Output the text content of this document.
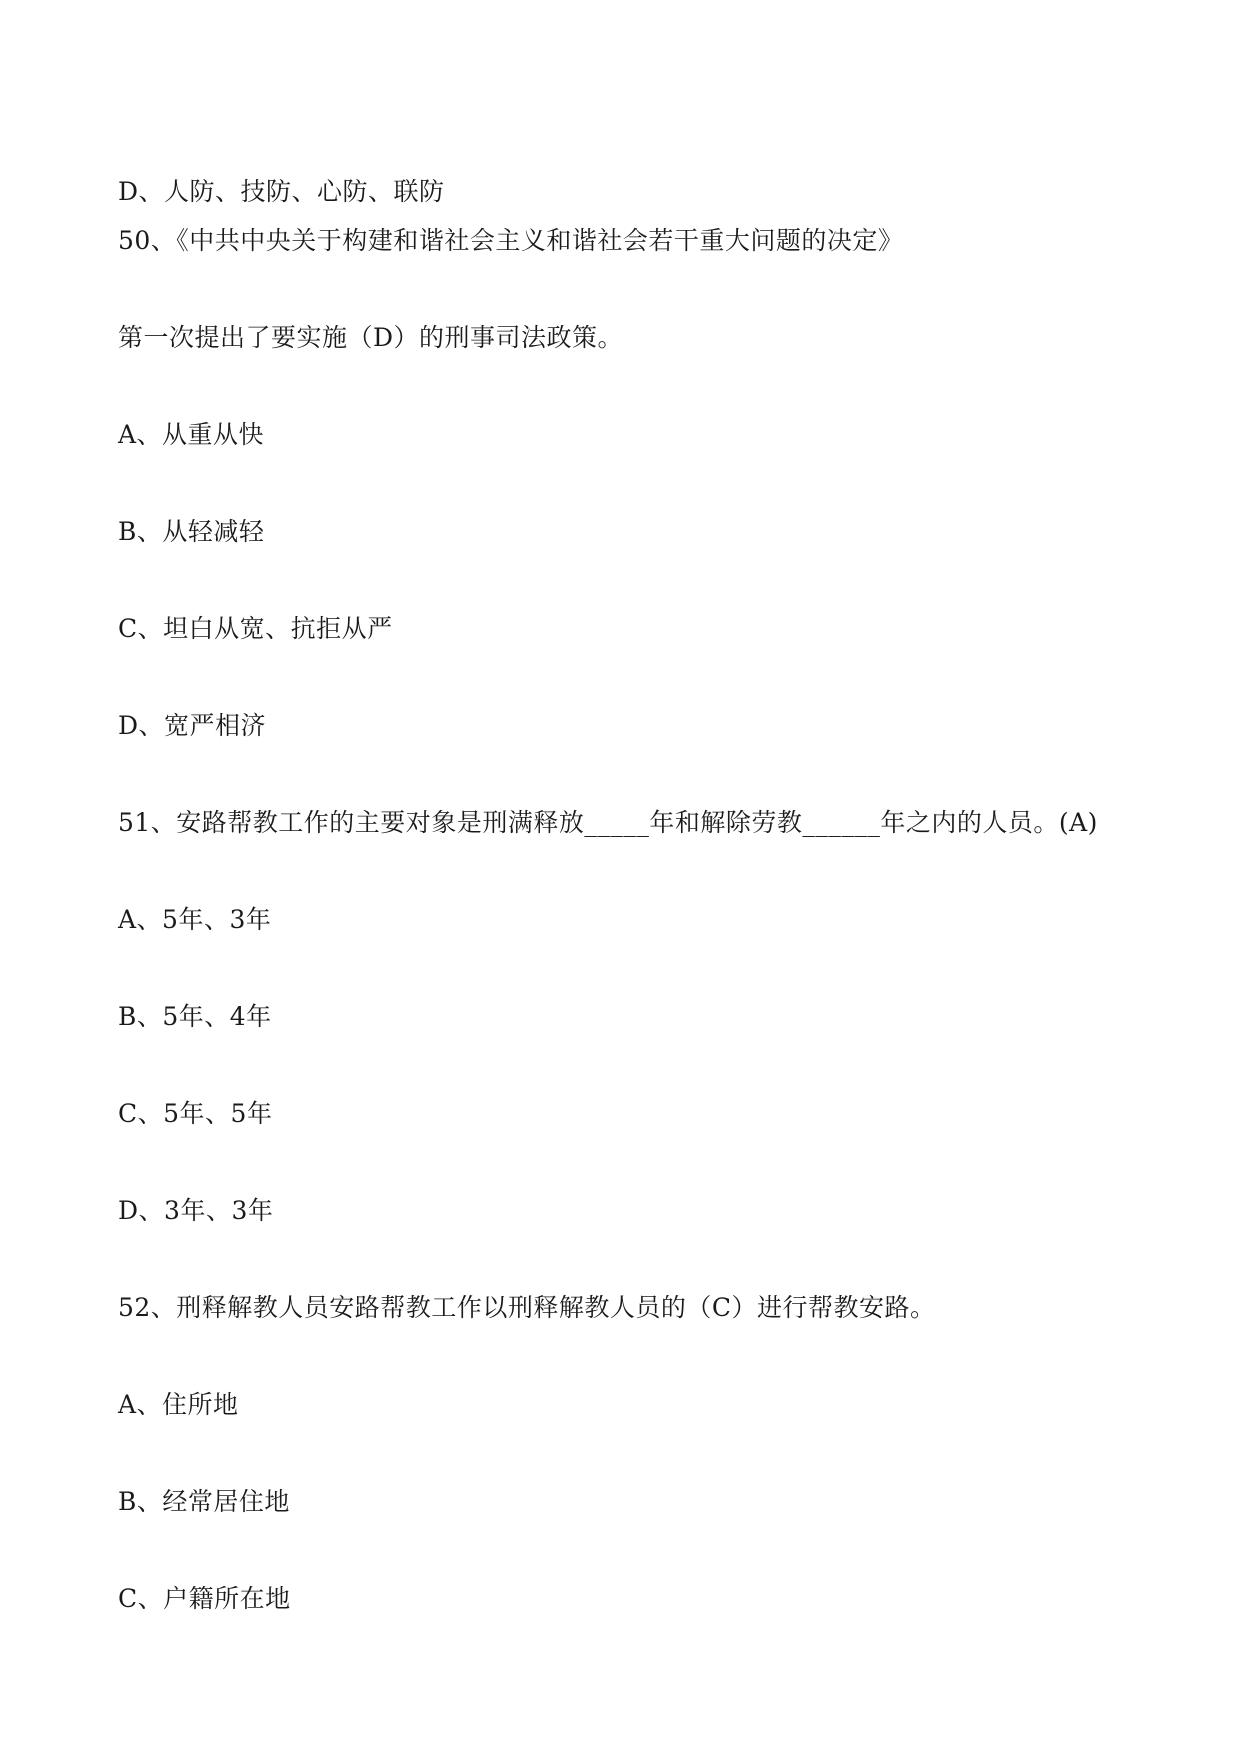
D、人防、技防、心防、联防
50、《中共中央关于构建和谐社会主义和谐社会若干重大问题的决定》
第一次提出了要实施（D）的刑事司法政策。
A、从重从快
B、从轻减轻
C、坦白从宽、抗拒从严
D、宽严相济
51、安路帮教工作的主要对象是刑满释放_____年和解除劳教______年之内的人员。(A)
A、5年、3年
B、5年、4年
C、5年、5年
D、3年、3年
52、刑释解教人员安路帮教工作以刑释解教人员的（C）进行帮教安路。
A、住所地
B、经常居住地
C、户籍所在地
